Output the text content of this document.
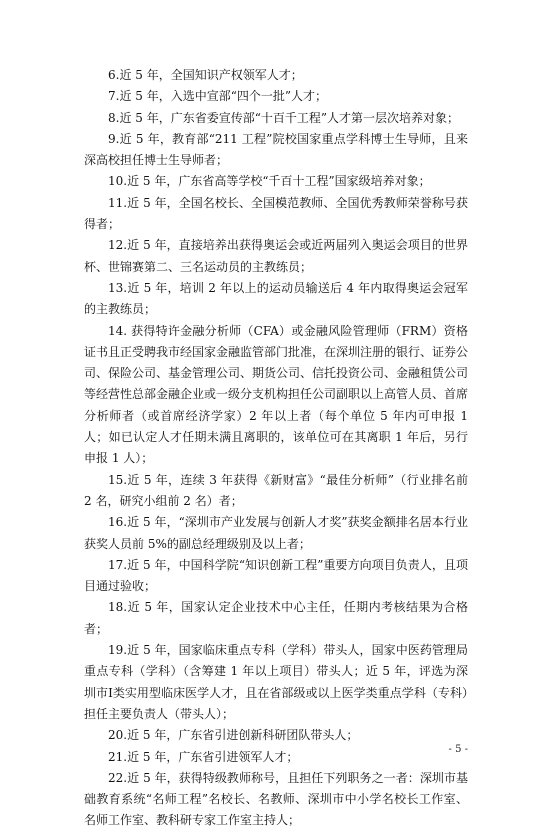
6.近 5 年，全国知识产权领军人才；

7.近 5 年，入选中宣部“四个一批”人才；

8.近 5 年，广东省委宣传部“十百千工程”人才第一层次培养对象；

9.近 5 年，教育部“211 工程”院校国家重点学科博士生导师，且来深高校担任博士生导师者；

10.近 5 年，广东省高等学校“千百十工程”国家级培养对象；

11.近 5 年，全国名校长、全国模范教师、全国优秀教师荣誉称号获得者；

12.近 5 年，直接培养出获得奥运会或近两届列入奥运会项目的世界杯、世锦赛第二、三名运动员的主教练员；

13.近 5 年，培训 2 年以上的运动员输送后 4 年内取得奥运会冠军的主教练员；

14. 获得特许金融分析师（CFA）或金融风险管理师（FRM）资格证书且正受聘我市经国家金融监管部门批准，在深圳注册的银行、证券公司、保险公司、基金管理公司、期货公司、信托投资公司、金融租赁公司等经营性总部金融企业或一级分支机构担任公司副职以上高管人员、首席分析师者（或首席经济学家）2 年以上者（每个单位 5 年内可申报 1 人；如已认定人才任期未满且离职的，该单位可在其离职 1 年后，另行申报 1 人）；

15.近 5 年，连续 3 年获得《新财富》“最佳分析师”（行业排名前 2 名，研究小组前 2 名）者；

16.近 5 年，“深圳市产业发展与创新人才奖”获奖金额排名居本行业获奖人员前 5%的副总经理级别及以上者；

17.近 5 年，中国科学院“知识创新工程”重要方向项目负责人，且项目通过验收；

18.近 5 年，国家认定企业技术中心主任，任期内考核结果为合格者；

19.近 5 年，国家临床重点专科（学科）带头人，国家中医药管理局重点专科（学科）（含筹建 1 年以上项目）带头人；近 5 年，评选为深圳市Ⅰ类实用型临床医学人才，且在省部级或以上医学类重点学科（专科）担任主要负责人（带头人）；

20.近 5 年，广东省引进创新科研团队带头人；

21.近 5 年，广东省引进领军人才；

22.近 5 年，获得特级教师称号，且担任下列职务之一者：深圳市基础教育系统“名师工程”名校长、名教师、深圳市中小学名校长工作室、名师工作室、教科研专家工作室主持人；

- 5 -
